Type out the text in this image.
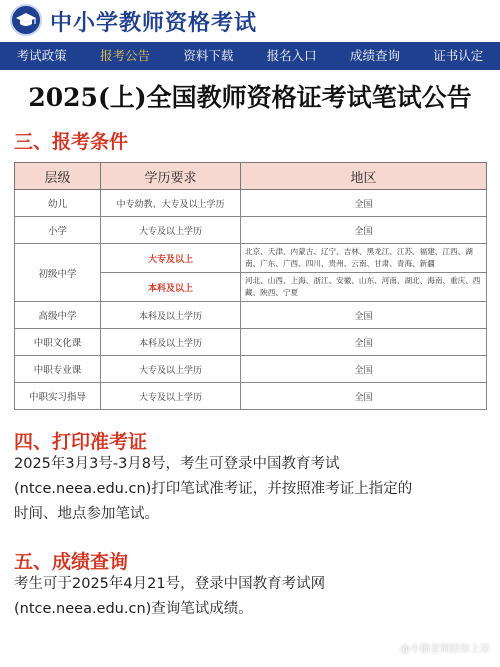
中小学教师资格考试
考试政策	报考公告	资料下载	报名入口	成绩查询	证书认定
2025(上)全国教师资格证考试笔试公告
三、报考条件
层级	学历要求	地区
幼儿	中专幼教、大专及以上学历	全国
小学	大专及以上学历	全国
初级中学	大专及以上	北京、天津、内蒙古、辽宁、吉林、黑龙江、江苏、福建、江西、湖南、广东、广西、四川、贵州、云南、甘肃、青海、新疆
	本科及以上	河北、山西、上海、浙江、安徽、山东、河南、湖北、海南、重庆、西藏、陕西、宁夏
高级中学	本科及以上学历	全国
中职文化课	本科及以上学历	全国
中职专业课	大专及以上学历	全国
中职实习指导	大专及以上学历	全国
四、打印准考证
2025年3月3号-3月8号，考生可登录中国教育考试
(ntce.neea.edu.cn)打印笔试准考证，并按照准考证上指定的
时间、地点参加笔试。
五、成绩查询
考生可于2025年4月21号，登录中国教育考试网
(ntce.neea.edu.cn)查询笔试成绩。
@小猫老师陪你上岸
